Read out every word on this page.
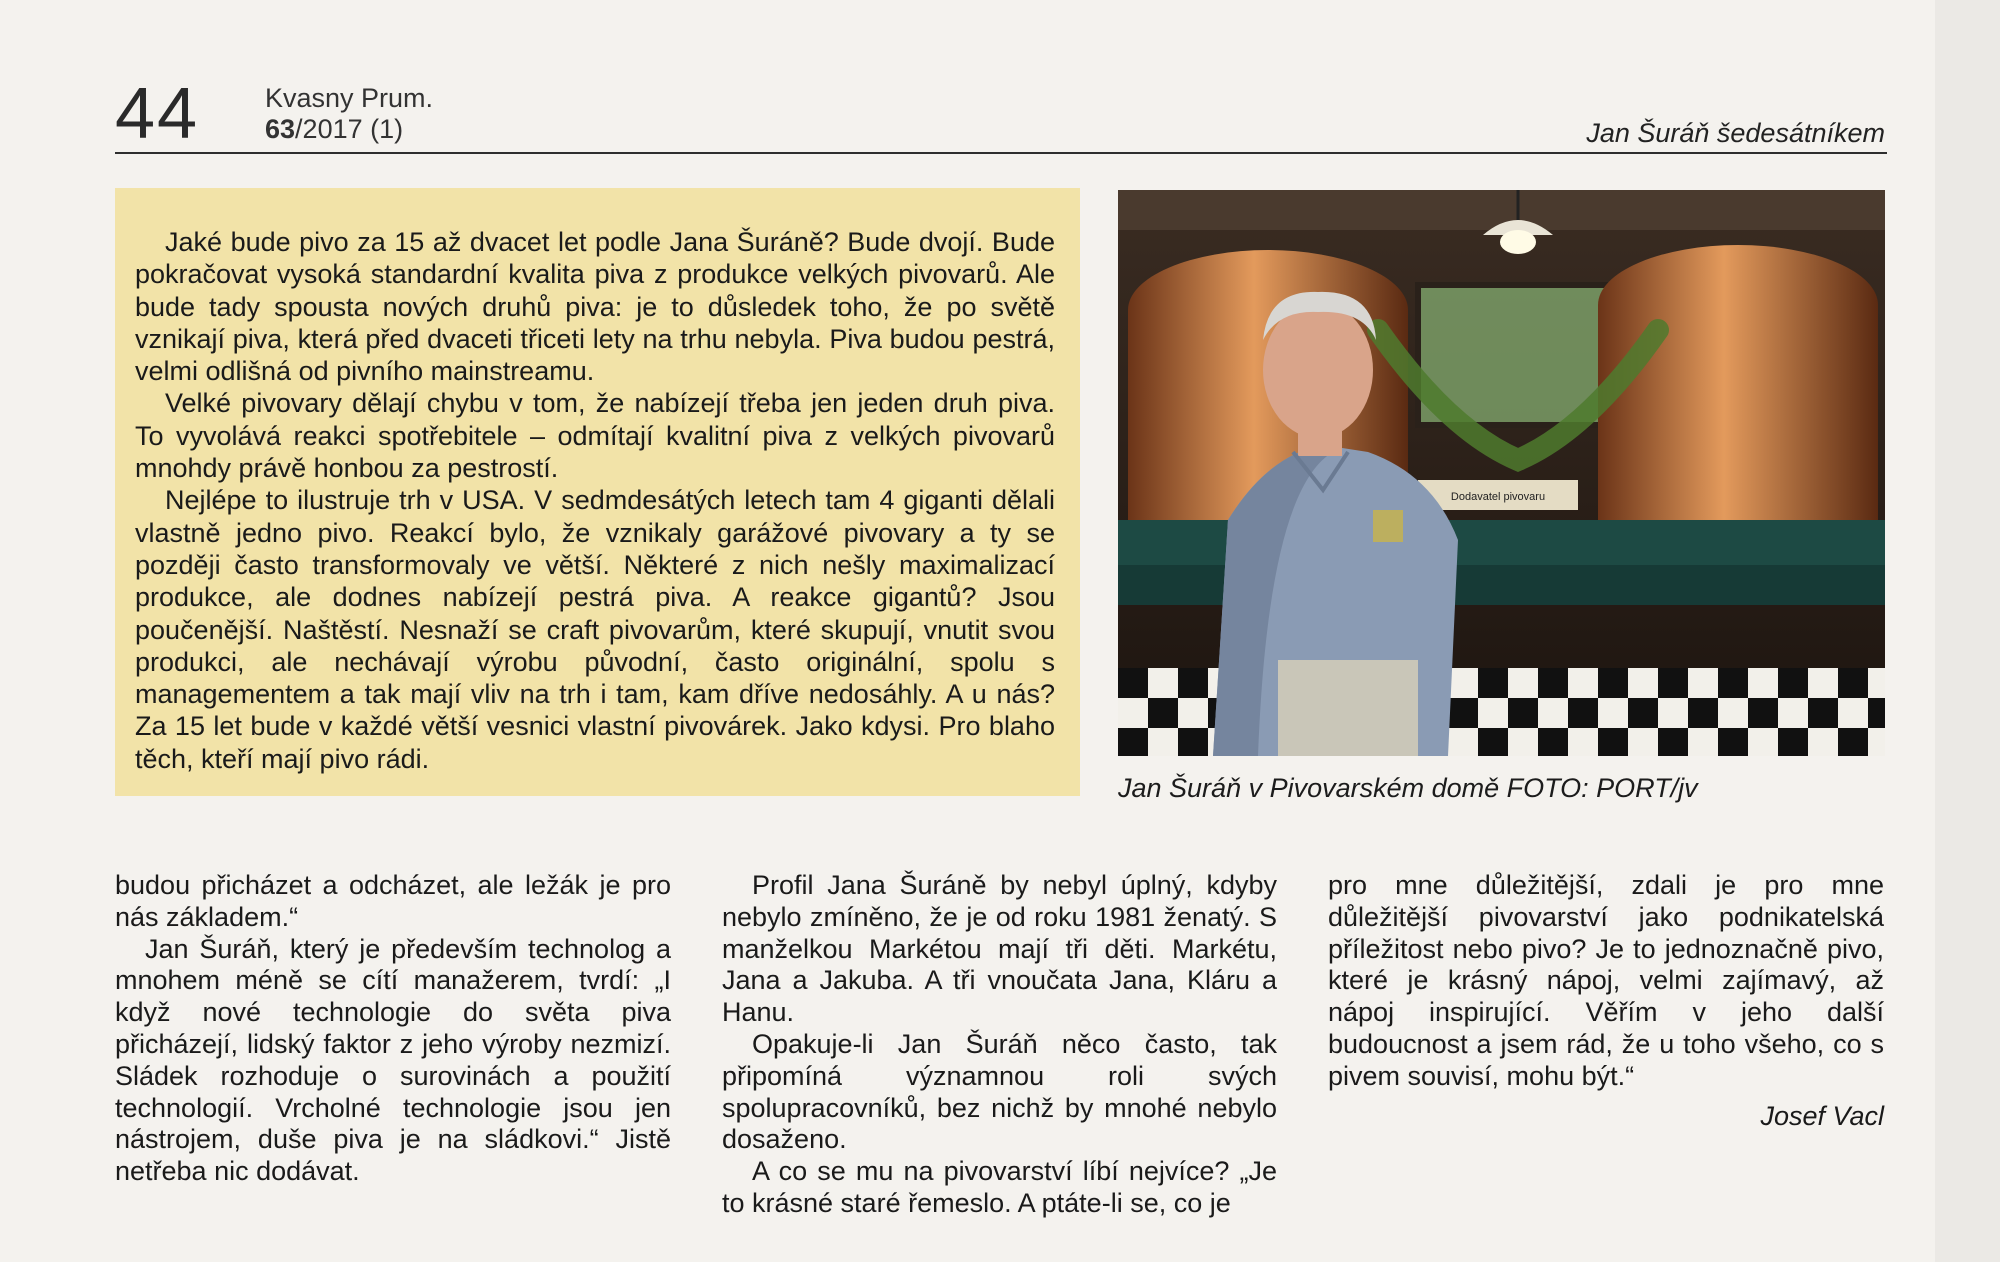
44 Kvasny Prum.
63/2017 (1)	Jan Šuráň šedesátníkem

Jaké bude pivo za 15 až dvacet let podle Jana Šuráně? Bude dvojí. Bude pokračovat vysoká standardní kvalita piva z produkce velkých pivovarů. Ale bude tady spousta nových druhů piva: je to důsledek toho, že po světě vznikají piva, která před dvaceti třiceti lety na trhu nebyla. Piva budou pestrá, velmi odlišná od pivního mainstreamu.

Velké pivovary dělají chybu v tom, že nabízejí třeba jen jeden druh piva. To vyvolává reakci spotřebitele – odmítají kvalitní piva z velkých pivovarů mnohdy právě honbou za pestrostí.

Nejlépe to ilustruje trh v USA. V sedmdesátých letech tam 4 giganti dělali vlastně jedno pivo. Reakcí bylo, že vznikaly garážové pivovary a ty se později často transformovaly ve větší. Některé z nich nešly maximalizací produkce, ale dodnes nabízejí pestrá piva. A reakce gigantů? Jsou poučenější. Naštěstí. Nesnaží se craft pivovarům, které skupují, vnutit svou produkci, ale nechávají výrobu původní, často originální, spolu s managementem a tak mají vliv na trh i tam, kam dříve nedosáhly. A u nás? Za 15 let bude v každé větší vesnici vlastní pivovárek. Jako kdysi. Pro blaho těch, kteří mají pivo rádi.

Dodavatel pivovaru
Jan Šuráň v Pivovarském domě FOTO: PORT/jv

budou přicházet a odcházet, ale ležák je pro nás základem.“

Jan Šuráň, který je především technolog a mnohem méně se cítí manažerem, tvrdí: „I když nové technologie do světa piva přicházejí, lidský faktor z jeho výroby nezmizí. Sládek rozhoduje o surovinách a použití technologií. Vrcholné technologie jsou jen nástrojem, duše piva je na sládkovi.“ Jistě netřeba nic dodávat.

Profil Jana Šuráně by nebyl úplný, kdyby nebylo zmíněno, že je od roku 1981 ženatý. S manželkou Markétou mají tři děti. Markétu, Jana a Jakuba. A tři vnoučata Jana, Kláru a Hanu.

Opakuje-li Jan Šuráň něco často, tak připomíná významnou roli svých spolupracovníků, bez nichž by mnohé nebylo dosaženo.

A co se mu na pivovarství líbí nejvíce? „Je to krásné staré řemeslo. A ptáte-li se, co je

pro mne důležitější, zdali je pro mne důležitější pivovarství jako podnikatelská příležitost nebo pivo? Je to jednoznačně pivo, které je krásný nápoj, velmi zajímavý, až nápoj inspirující. Věřím v jeho další budoucnost a jsem rád, že u toho všeho, co s pivem souvisí, mohu být.“

Josef Vacl
